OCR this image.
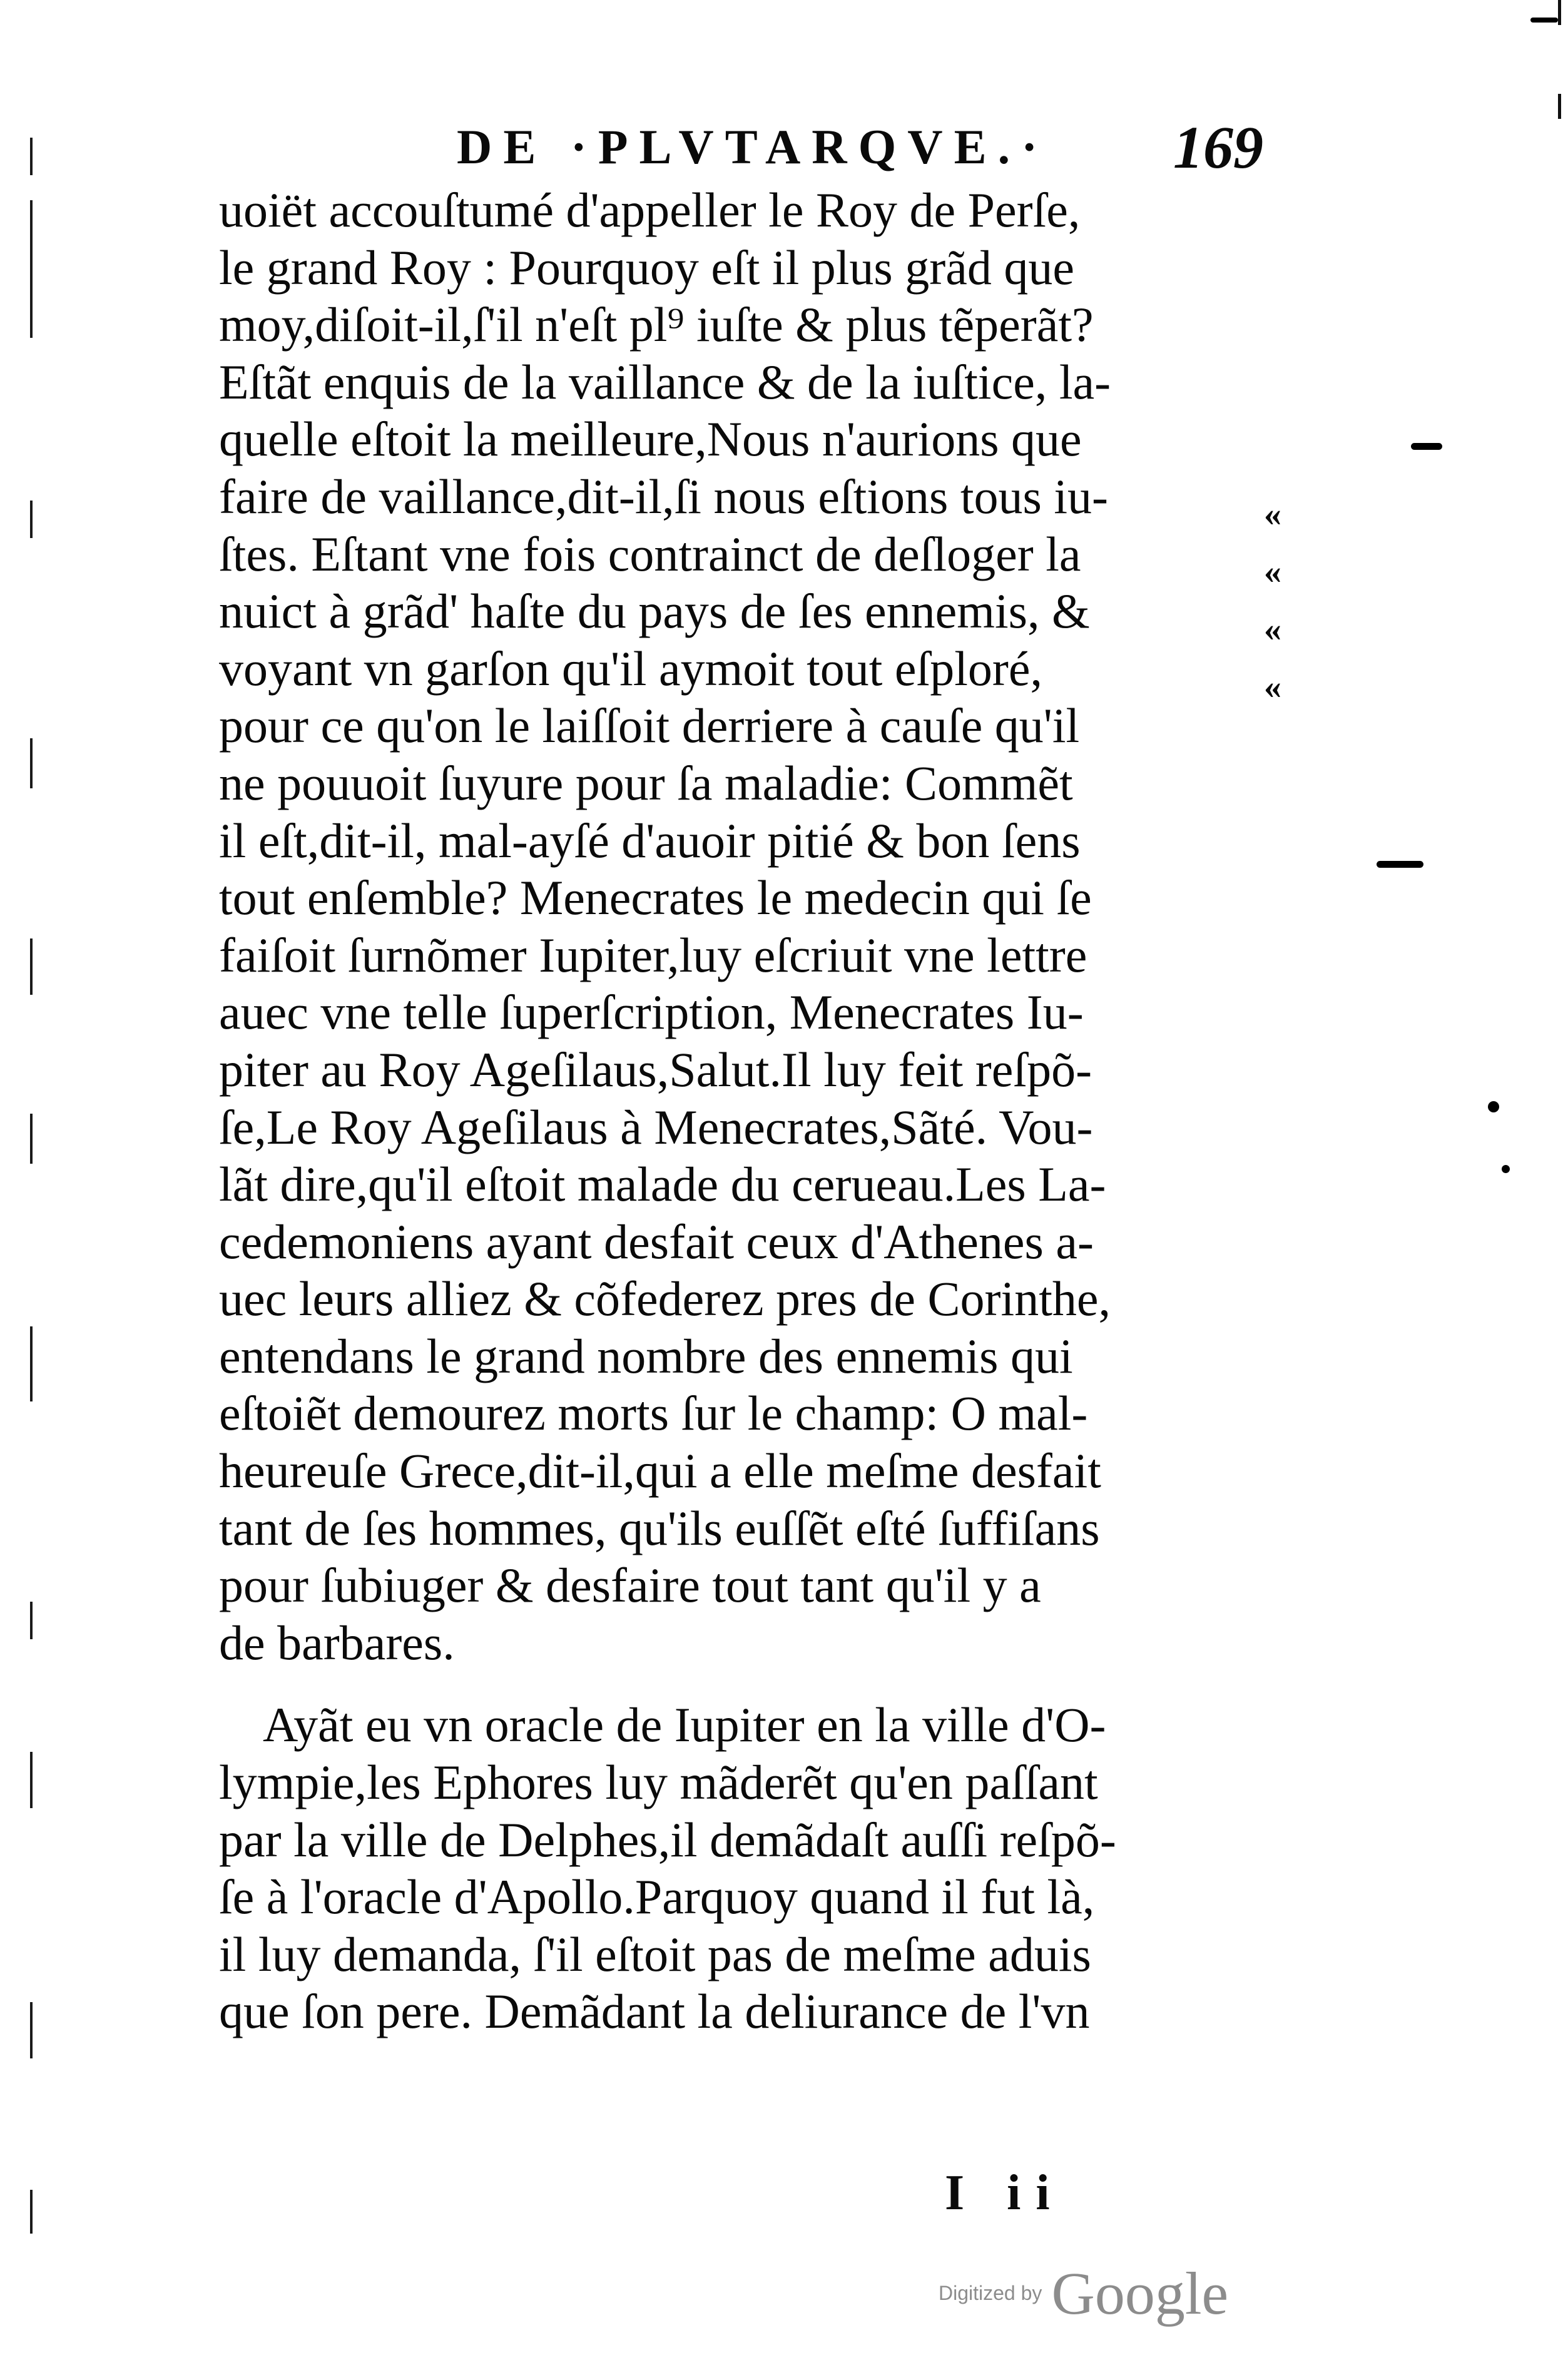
DE ·PLVTARQVE.· 169
uoiët accouſtumé d'appeller le Roy de Perſe,
le grand Roy : Pourquoy eſt il plus grãd que
moy,diſoit-il,ſ'il n'eſt pl⁹ iuſte & plus tẽperãt?
Eſtãt enquis de la vaillance & de la iuſtice, la-
quelle eſtoit la meilleure,Nous n'aurions que
faire de vaillance,dit-il,ſi nous eſtions tous iu-
ſtes. Eſtant vne fois contrainct de deſloger la
nuict à grãd' haſte du pays de ſes ennemis, &
voyant vn garſon qu'il aymoit tout eſploré,
pour ce qu'on le laiſſoit derriere à cauſe qu'il
ne pouuoit ſuyure pour ſa maladie: Commẽt
il eſt,dit-il, mal-ayſé d'auoir pitié & bon ſens
tout enſemble? Menecrates le medecin qui ſe
faiſoit ſurnõmer Iupiter,luy eſcriuit vne lettre
auec vne telle ſuperſcription, Menecrates Iu-
piter au Roy Ageſilaus,Salut.Il luy feit reſpõ-
ſe,Le Roy Ageſilaus à Menecrates,Sãté. Vou-
lãt dire,qu'il eſtoit malade du cerueau.Les La-
cedemoniens ayant desfait ceux d'Athenes a-
uec leurs alliez & cõfederez pres de Corinthe,
entendans le grand nombre des ennemis qui
eſtoiẽt demourez morts ſur le champ: O mal-
heureuſe Grece,dit-il,qui a elle meſme desfait
tant de ſes hommes, qu'ils euſſẽt eſté ſuffiſans
pour ſubiuger & desfaire tout tant qu'il y a
de barbares.
Ayãt eu vn oracle de Iupiter en la ville d'O-
lympie,les Ephores luy mãderẽt qu'en paſſant
par la ville de Delphes,il demãdaſt auſſi reſpõ-
ſe à l'oracle d'Apollo.Parquoy quand il fut là,
il luy demanda, ſ'il eſtoit pas de meſme aduis
que ſon pere. Demãdant la deliurance de l'vn
«
«
«
«
I ii
Digitized by Google
